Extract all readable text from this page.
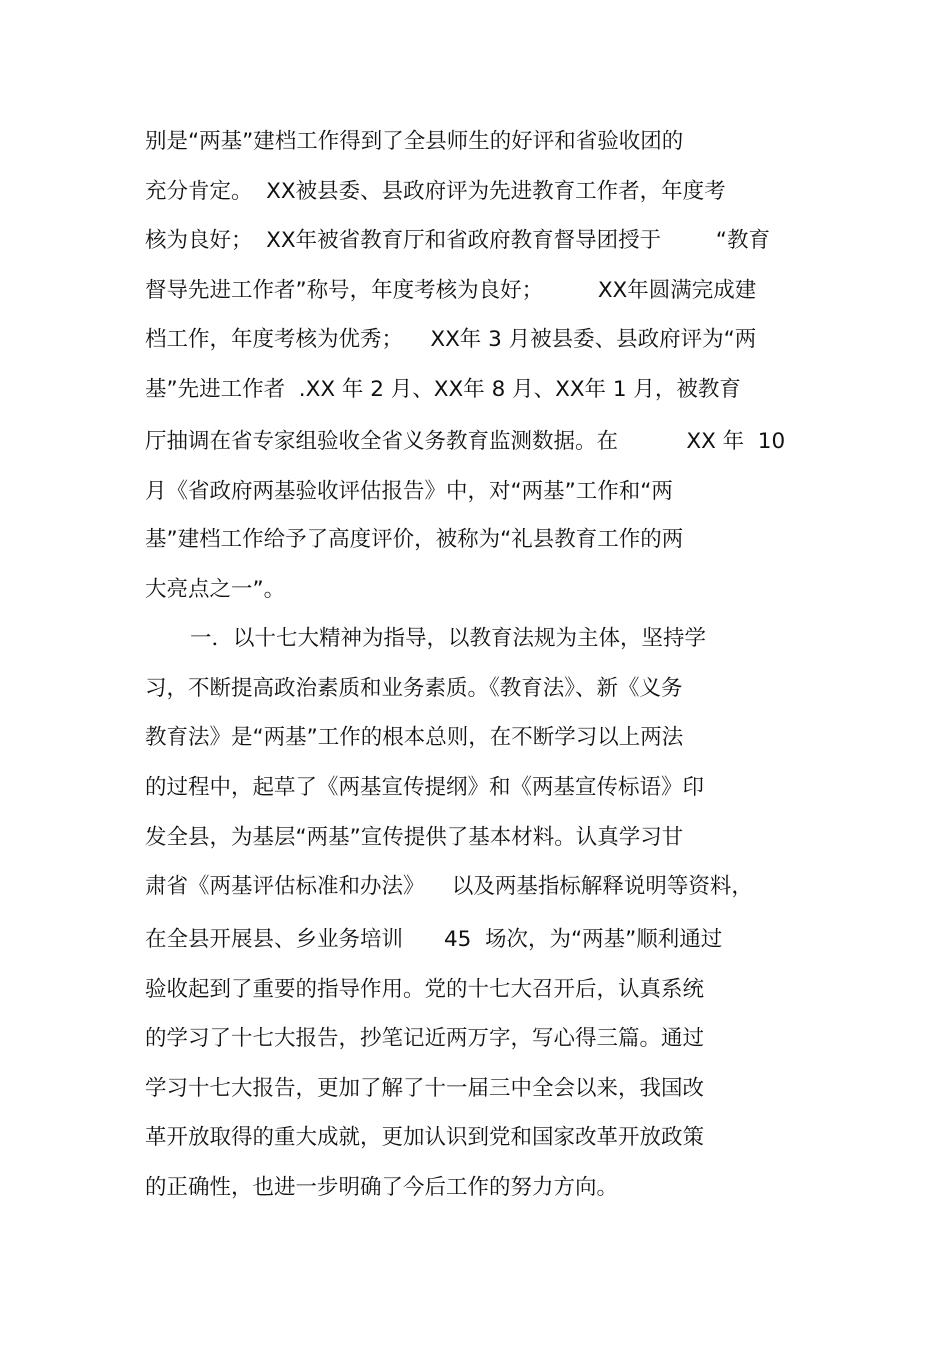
别是“两基”建档工作得到了全县师生的好评和省验收团的
充分肯定。  XX被县委、县政府评为先进教育工作者，年度考
核为良好；  XX年被省教育厅和省政府教育督导团授于        “教育
督导先进工作者”称号，年度考核为良好；        XX年圆满完成建
档工作，年度考核为优秀；    XX年 3 月被县委、县政府评为“两
基”先进工作者  .XX 年 2 月、XX年 8 月、XX年 1 月，被教育
厅抽调在省专家组验收全省义务教育监测数据。在          XX 年  10
月《省政府两基验收评估报告》中，对“两基”工作和“两
基”建档工作给予了高度评价，被称为“礼县教育工作的两
大亮点之一”。
一．以十七大精神为指导，以教育法规为主体，坚持学
习，不断提高政治素质和业务素质。《教育法》、新《义务
教育法》是“两基”工作的根本总则，在不断学习以上两法
的过程中，起草了《两基宣传提纲》和《两基宣传标语》印
发全县，为基层“两基”宣传提供了基本材料。认真学习甘
肃省《两基评估标准和办法》    以及两基指标解释说明等资料，
在全县开展县、乡业务培训      45  场次，为“两基”顺利通过
验收起到了重要的指导作用。党的十七大召开后，认真系统
的学习了十七大报告，抄笔记近两万字，写心得三篇。通过
学习十七大报告，更加了解了十一届三中全会以来，我国改
革开放取得的重大成就，更加认识到党和国家改革开放政策
的正确性，也进一步明确了今后工作的努力方向。
